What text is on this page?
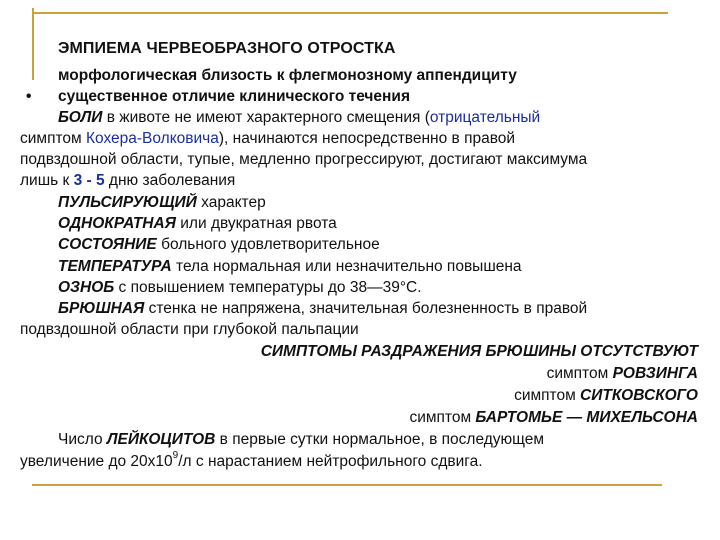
ЭМПИЕМА ЧЕРВЕОБРАЗНОГО ОТРОСТКА
морфологическая близость к флегмонозному аппендициту
• существенное отличие клинического течения
БОЛИ в животе не имеют характерного смещения (отрицательный
симптом Кохера-Волковича), начинаются непосредственно в правой
подвздошной области, тупые, медленно прогрессируют, достигают максимума
лишь к 3 - 5 дню заболевания
ПУЛЬСИРУЮЩИЙ характер
ОДНОКРАТНАЯ или двукратная рвота
СОСТОЯНИЕ больного удовлетворительное
ТЕМПЕРАТУРА тела нормальная или незначительно повышена
ОЗНОБ с повышением температуры до 38—39°С.
БРЮШНАЯ стенка не напряжена, значительная болезненность в правой
подвздошной области при глубокой пальпации
СИМПТОМЫ РАЗДРАЖЕНИЯ БРЮШИНЫ ОТСУТСТВУЮТ
симптом РОВЗИНГА
симптом СИТКОВСКОГО
симптом БАРТОМЬЕ — МИХЕЛЬСОНА
Число ЛЕЙКОЦИТОВ в первые сутки нормальное, в последующем
увеличение до $20х10^9/л$ с нарастанием нейтрофильного сдвига.
